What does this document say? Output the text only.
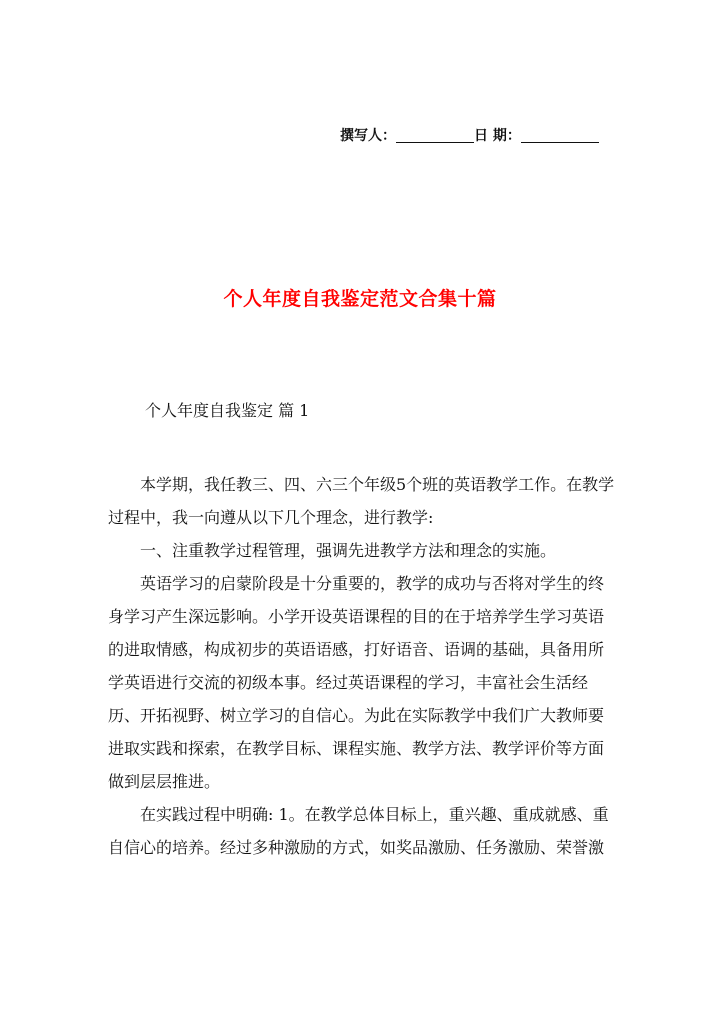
撰写人：	日 期：
个人年度自我鉴定范文合集十篇
个人年度自我鉴定 篇 1

本学期，我任教三、四、六三个年级5个班的英语教学工作。在教学过程中，我一向遵从以下几个理念，进行教学:

一、注重教学过程管理，强调先进教学方法和理念的实施。

英语学习的启蒙阶段是十分重要的，教学的成功与否将对学生的终身学习产生深远影响。小学开设英语课程的目的在于培养学生学习英语的进取情感，构成初步的英语语感，打好语音、语调的基础，具备用所学英语进行交流的初级本事。经过英语课程的学习，丰富社会生活经历、开拓视野、树立学习的自信心。为此在实际教学中我们广大教师要进取实践和探索，在教学目标、课程实施、教学方法、教学评价等方面做到层层推进。

在实践过程中明确: 1。在教学总体目标上，重兴趣、重成就感、重自信心的培养。经过多种激励的方式，如奖品激励、任务激励、荣誉激
